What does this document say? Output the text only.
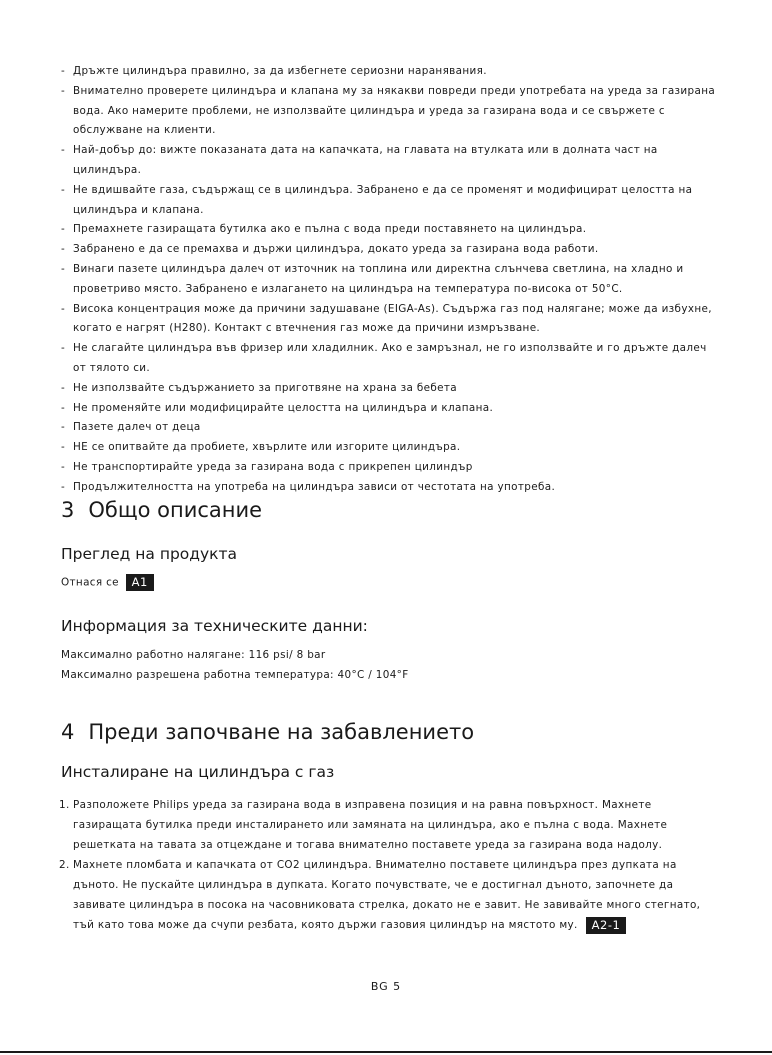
- Дръжте цилиндъра правилно, за да избегнете сериозни наранявания.
- Внимателно проверете цилиндъра и клапана му за някакви повреди преди употребата на уреда за газирана вода. Ако намерите проблеми, не използвайте цилиндъра и уреда за газирана вода и се свържете с обслужване на клиенти.
- Най-добър до: вижте показаната дата на капачката, на главата на втулката или в долната част на цилиндъра.
- Не вдишвайте газа, съдържащ се в цилиндъра. Забранено е да се променят и модифицират целостта на цилиндъра и клапана.
- Премахнете газиращата бутилка ако е пълна с вода преди поставянето на цилиндъра.
- Забранено е да се премахва и държи цилиндъра, докато уреда за газирана вода работи.
- Винаги пазете цилиндъра далеч от източник на топлина или директна слънчева светлина, на хладно и проветриво място. Забранено е излагането на цилиндъра на температура по-висока от 50°C.
- Висока концентрация може да причини задушаване (EIGA-As). Съдържа газ под налягане; може да избухне, когато е нагрят (H280). Контакт с втечнения газ може да причини измръзване.
- Не слагайте цилиндъра във фризер или хладилник. Ако е замръзнал, не го използвайте и го дръжте далеч от тялото си.
- Не използвайте съдържанието за приготвяне на храна за бебета
- Не променяйте или модифицирайте целостта на цилиндъра и клапана.
- Пазете далеч от деца
- НЕ се опитвайте да пробиете, хвърлите или изгорите цилиндъра.
- Не транспортирайте уреда за газирана вода с прикрепен цилиндър
- Продължителността на употреба на цилиндъра зависи от честотата на употреба.
3 Общо описание
Преглед на продукта
Отнася се A1
Информация за техническите данни:
Максимално работно налягане: 116 psi/ 8 bar
Максимално разрешена работна температура: 40°C / 104°F
4 Преди започване на забавлението
Инсталиране на цилиндъра с газ
1. Разположете Philips уреда за газирана вода в изправена позиция и на равна повърхност. Махнете газиращата бутилка преди инсталирането или замяната на цилиндъра, ако е пълна с вода. Махнете решетката на тавата за отцеждане и тогава внимателно поставете уреда за газирана вода надолу.
2. Махнете пломбата и капачката от CO2 цилиндъра. Внимателно поставете цилиндъра през дупката на дъното. Не пускайте цилиндъра в дупката. Когато почувствате, че е достигнал дъното, започнете да завивате цилиндъра в посока на часовниковата стрелка, докато не е завит. Не завивайте много стегнато, тъй като това може да счупи резбата, която държи газовия цилиндър на мястото му. A2-1
BG 5
